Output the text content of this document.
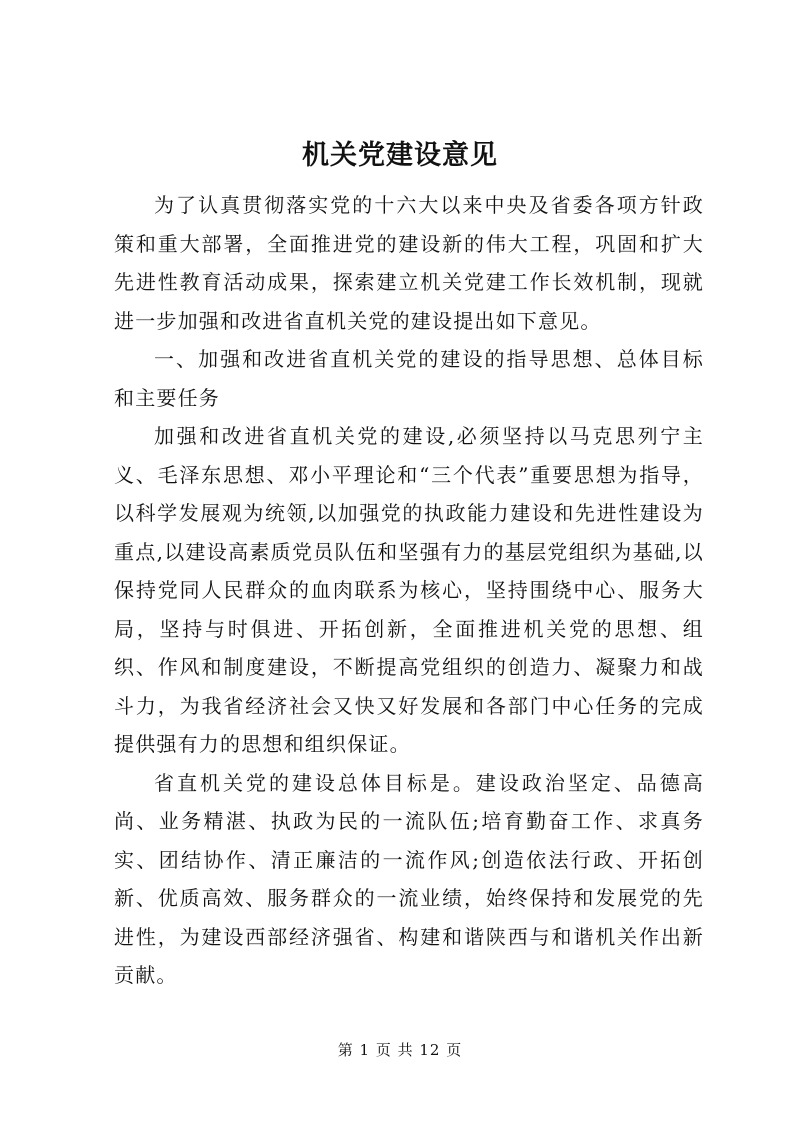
机关党建设意见

为了认真贯彻落实党的十六大以来中央及省委各项方针政策和重大部署，全面推进党的建设新的伟大工程，巩固和扩大先进性教育活动成果，探索建立机关党建工作长效机制，现就进一步加强和改进省直机关党的建设提出如下意见。

一、加强和改进省直机关党的建设的指导思想、总体目标和主要任务

加强和改进省直机关党的建设,必须坚持以马克思列宁主义、毛泽东思想、邓小平理论和“三个代表”重要思想为指导，以科学发展观为统领,以加强党的执政能力建设和先进性建设为重点,以建设高素质党员队伍和坚强有力的基层党组织为基础,以保持党同人民群众的血肉联系为核心，坚持围绕中心、服务大局，坚持与时俱进、开拓创新，全面推进机关党的思想、组织、作风和制度建设，不断提高党组织的创造力、凝聚力和战斗力，为我省经济社会又快又好发展和各部门中心任务的完成提供强有力的思想和组织保证。

省直机关党的建设总体目标是。建设政治坚定、品德高尚、业务精湛、执政为民的一流队伍;培育勤奋工作、求真务实、团结协作、清正廉洁的一流作风;创造依法行政、开拓创新、优质高效、服务群众的一流业绩，始终保持和发展党的先进性，为建设西部经济强省、构建和谐陕西与和谐机关作出新贡献。

第 1 页 共 12 页
